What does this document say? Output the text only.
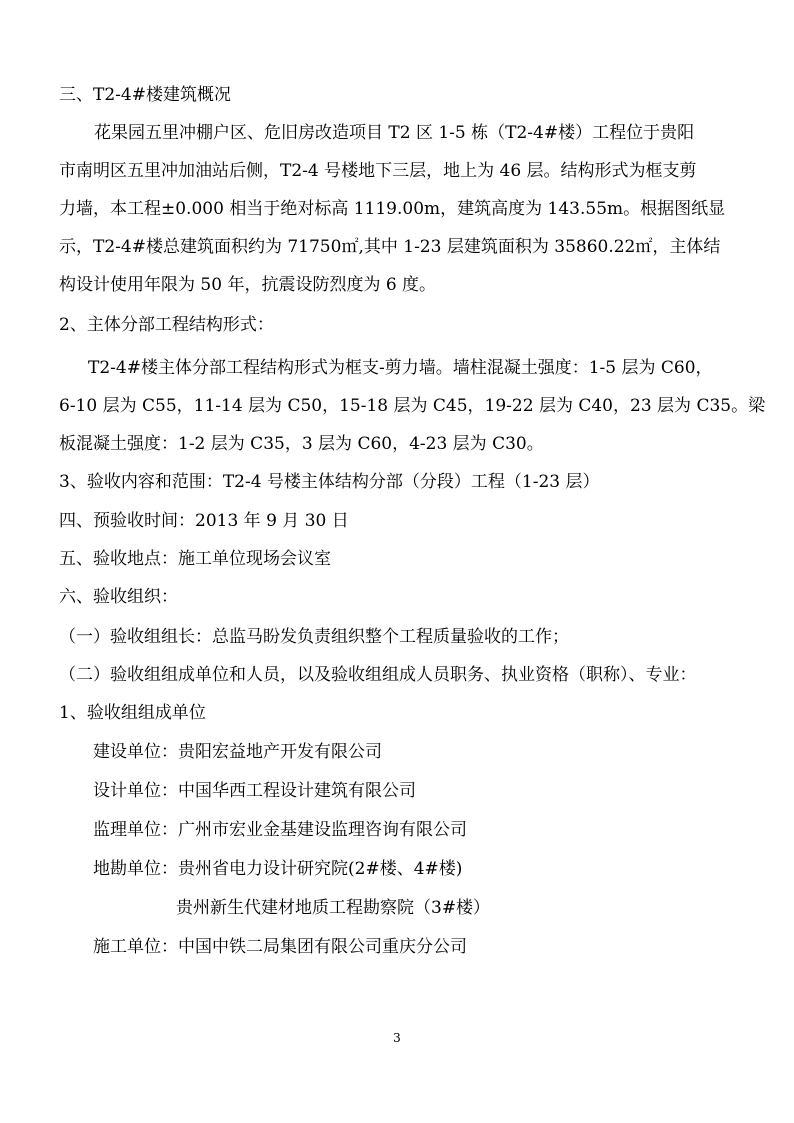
三、T2-4#楼建筑概况
花果园五里冲棚户区、危旧房改造项目 T2 区 1-5 栋（T2-4#楼）工程位于贵阳
市南明区五里冲加油站后侧，T2-4 号楼地下三层，地上为 46 层。结构形式为框支剪
力墙，本工程±0.000 相当于绝对标高 1119.00m，建筑高度为 143.55m。根据图纸显
示，T2-4#楼总建筑面积约为 71750㎡,其中 1-23 层建筑面积为 35860.22㎡，主体结
构设计使用年限为 50 年，抗震设防烈度为 6 度。
2、主体分部工程结构形式：
T2-4#楼主体分部工程结构形式为框支-剪力墙。墙柱混凝土强度：1-5 层为 C60，
6-10 层为 C55，11-14 层为 C50，15-18 层为 C45，19-22 层为 C40，23 层为 C35。梁
板混凝土强度：1-2 层为 C35，3 层为 C60，4-23 层为 C30。
3、验收内容和范围：T2-4 号楼主体结构分部（分段）工程（1-23 层）
四、预验收时间：2013 年 9 月 30 日
五、验收地点：施工单位现场会议室
六、验收组织：
（一）验收组组长：总监马盼发负责组织整个工程质量验收的工作；
（二）验收组组成单位和人员，以及验收组组成人员职务、执业资格（职称）、专业：
1、验收组组成单位
建设单位：贵阳宏益地产开发有限公司
设计单位：中国华西工程设计建筑有限公司
监理单位：广州市宏业金基建设监理咨询有限公司
地勘单位：贵州省电力设计研究院(2#楼、4#楼)
贵州新生代建材地质工程勘察院（3#楼）
施工单位：中国中铁二局集团有限公司重庆分公司
3
